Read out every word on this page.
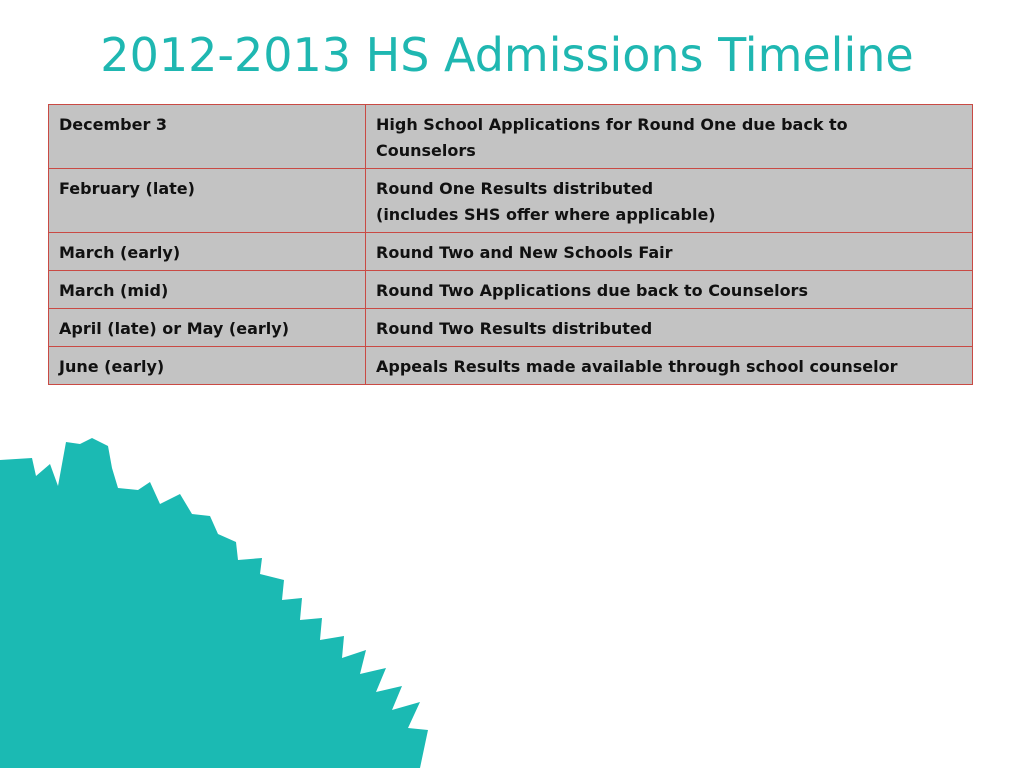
2012-2013 HS Admissions Timeline
December 3	High School Applications for Round One due back to
Counselors

February (late)	Round One Results distributed
(includes SHS offer where applicable)

March (early)	Round Two and New Schools Fair

March (mid)	Round Two Applications due back to Counselors

April (late) or May (early)	Round Two Results distributed

June (early)	Appeals Results made available through school counselor
